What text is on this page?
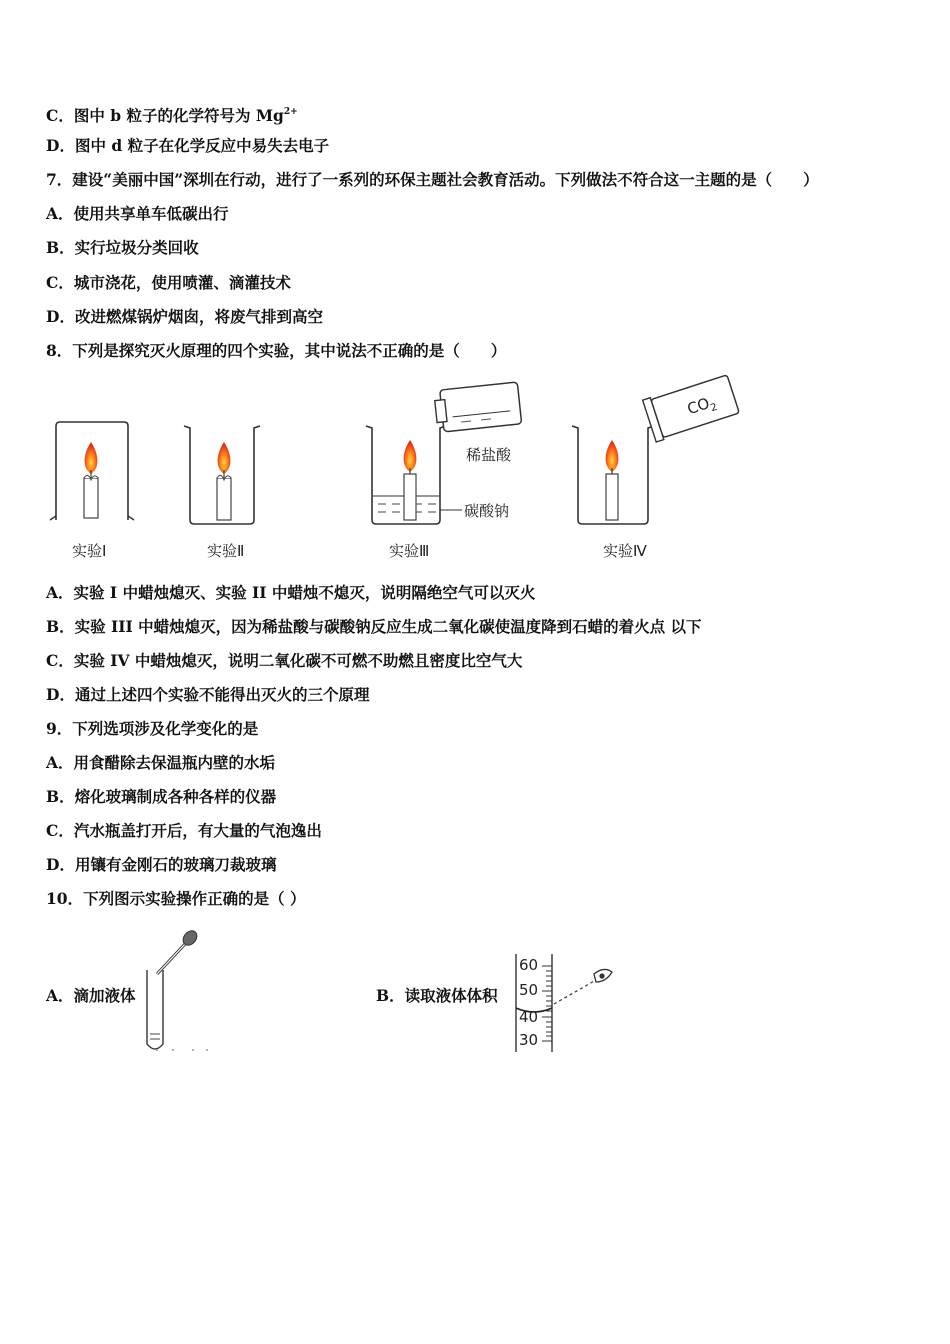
C．图中 b 粒子的化学符号为 $Mg^{2+}$
D．图中 d 粒子在化学反应中易失去电子
7．建设“美丽中国”深圳在行动，进行了一系列的环保主题社会教育活动。下列做法不符合这一主题的是（　　）
A．使用共享单车低碳出行
B．实行垃圾分类回收
C．城市浇花，使用喷灌、滴灌技术
D．改进燃煤锅炉烟囱，将废气排到高空
8．下列是探究灭火原理的四个实验，其中说法不正确的是（　　）
稀盐酸
碳酸钠
$CO_2$
实验Ⅰ	实验Ⅱ	实验Ⅲ	实验Ⅳ
A．实验 I 中蜡烛熄灭、实验 II 中蜡烛不熄灭，说明隔绝空气可以灭火
B．实验 III 中蜡烛熄灭，因为稀盐酸与碳酸钠反应生成二氧化碳使温度降到石蜡的着火点 以下
C．实验 IV 中蜡烛熄灭，说明二氧化碳不可燃不助燃且密度比空气大
D．通过上述四个实验不能得出灭火的三个原理
9．下列选项涉及化学变化的是
A．用食醋除去保温瓶内壁的水垢
B．熔化玻璃制成各种各样的仪器
C．汽水瓶盖打开后，有大量的气泡逸出
D．用镶有金刚石的玻璃刀裁玻璃
10．下列图示实验操作正确的是（ ）
A．滴加液体	B．读取液体体积
60
50
40
30
